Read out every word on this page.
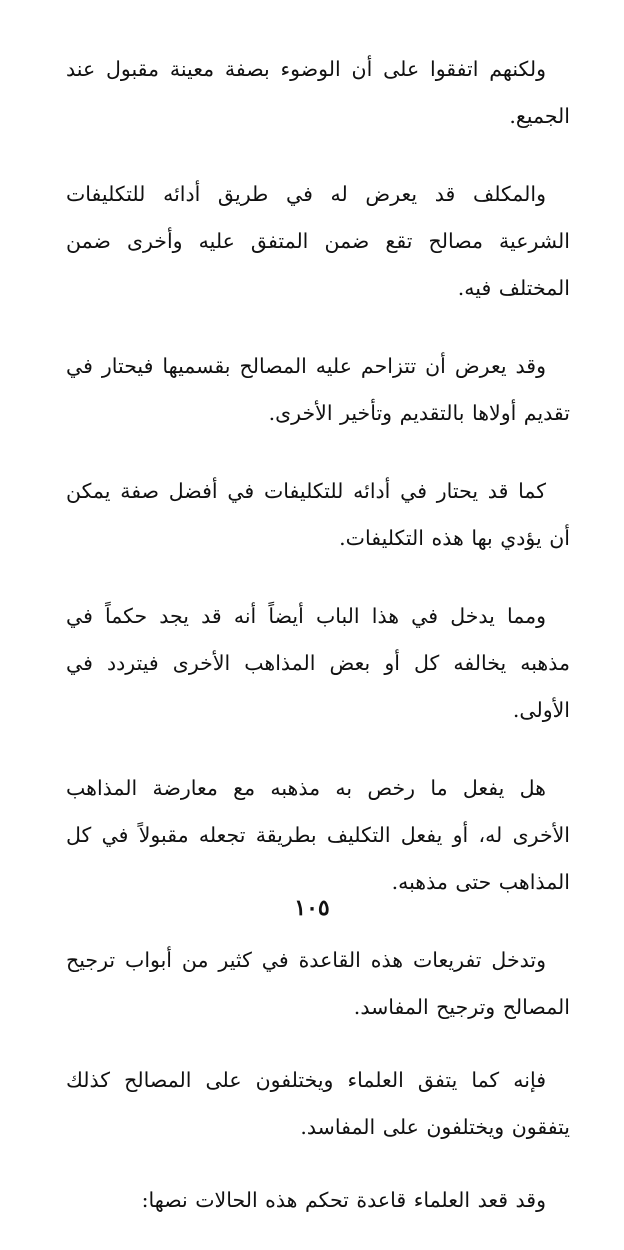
ولكنهم اتفقوا على أن الوضوء بصفة معينة مقبول عند الجميع.

والمكلف قد يعرض له في طريق أدائه للتكليفات الشرعية مصالح تقع ضمن المتفق عليه وأخرى ضمن المختلف فيه.

وقد يعرض أن تتزاحم عليه المصالح بقسميها فيحتار في تقديم أولاها بالتقديم وتأخير الأخرى.

كما قد يحتار في أدائه للتكليفات في أفضل صفة يمكن أن يؤدي بها هذه التكليفات.

ومما يدخل في هذا الباب أيضاً أنه قد يجد حكماً في مذهبه يخالفه كل أو بعض المذاهب الأخرى فيتردد في الأولى.

هل يفعل ما رخص به مذهبه مع معارضة المذاهب الأخرى له، أو يفعل التكليف بطريقة تجعله مقبولاً في كل المذاهب حتى مذهبه.

وتدخل تفريعات هذه القاعدة في كثير من أبواب ترجيح المصالح وترجيح المفاسد.

فإنه كما يتفق العلماء ويختلفون على المصالح كذلك يتفقون ويختلفون على المفاسد.

وقد قعد العلماء قاعدة تحكم هذه الحالات نصها:

١٠٥
